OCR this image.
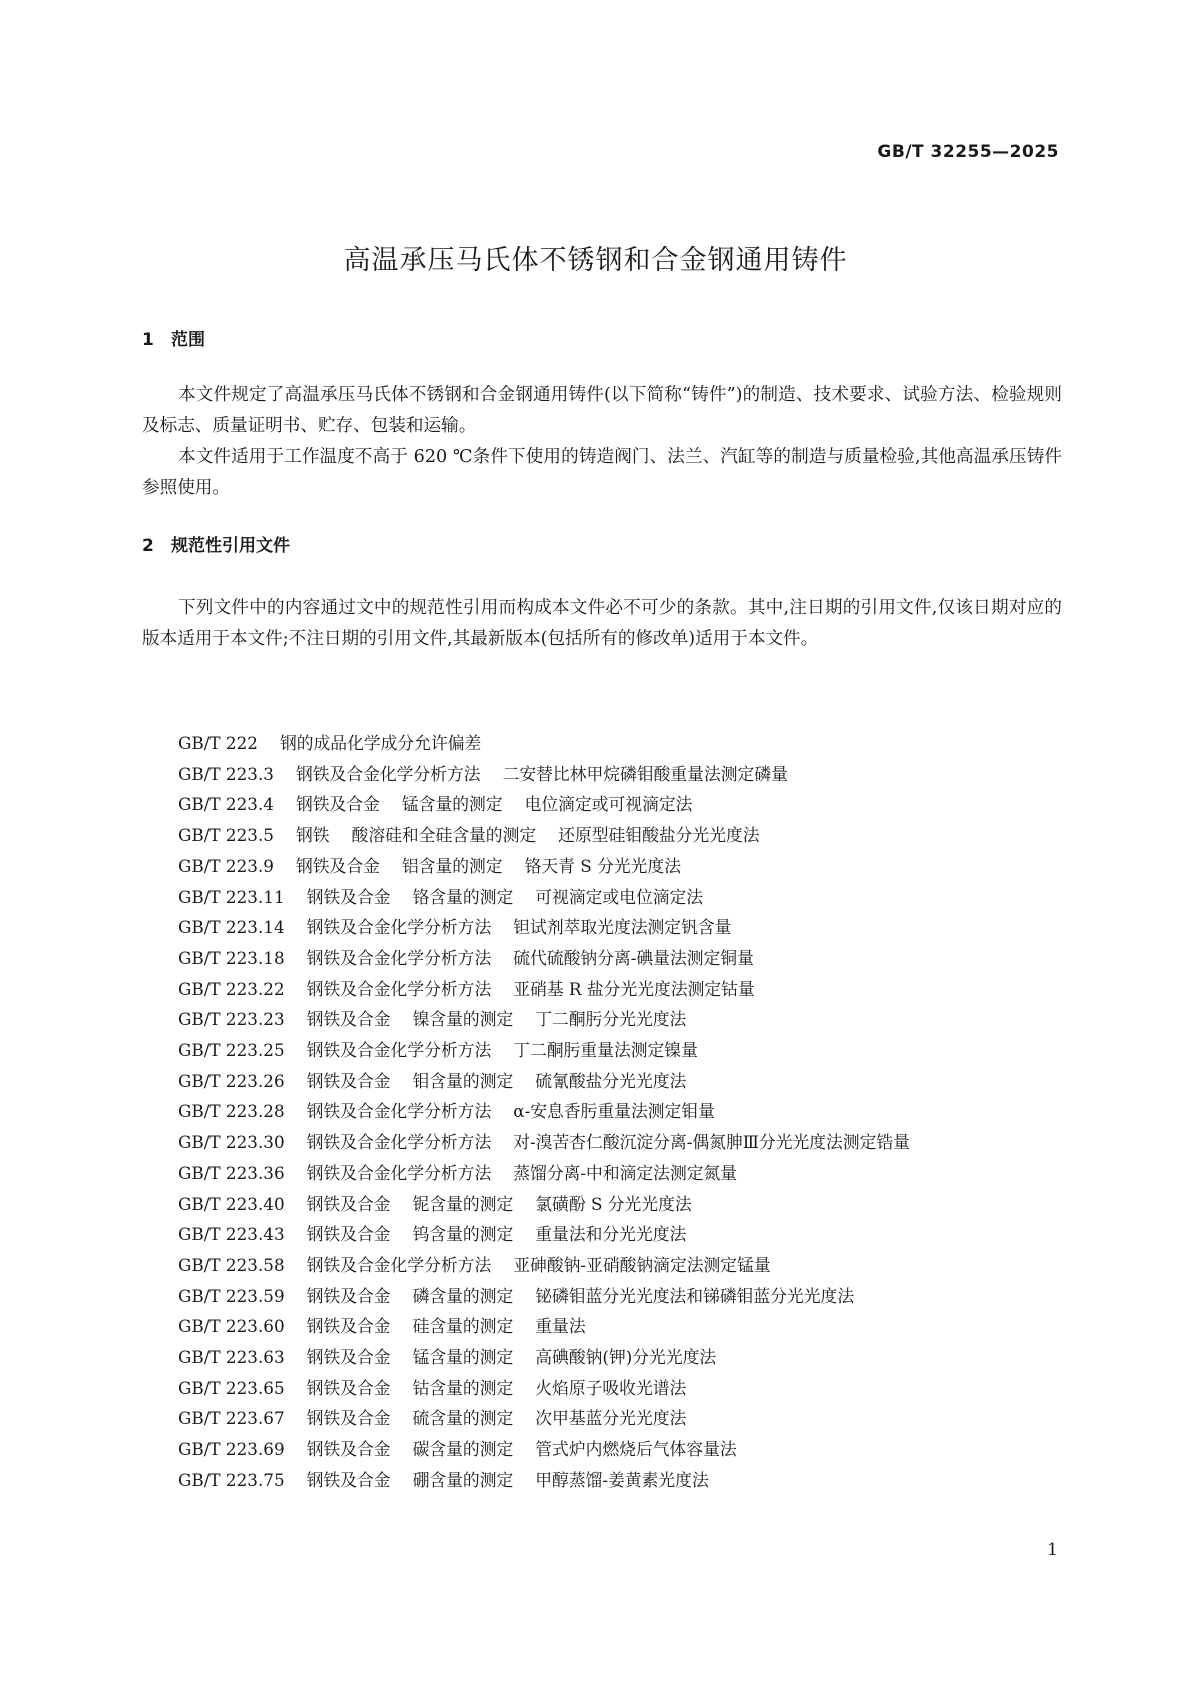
GB/T 32255—2025
高温承压马氏体不锈钢和合金钢通用铸件
1 范围

本文件规定了高温承压马氏体不锈钢和合金钢通用铸件(以下简称“铸件”)的制造、技术要求、试验方法、检验规则及标志、质量证明书、贮存、包装和运输。

本文件适用于工作温度不高于 620 ℃条件下使用的铸造阀门、法兰、汽缸等的制造与质量检验,其他高温承压铸件参照使用。

2 规范性引用文件

下列文件中的内容通过文中的规范性引用而构成本文件必不可少的条款。其中,注日期的引用文件,仅该日期对应的版本适用于本文件;不注日期的引用文件,其最新版本(包括所有的修改单)适用于本文件。

GB/T 222 钢的成品化学成分允许偏差
GB/T 223.3 钢铁及合金化学分析方法 二安替比林甲烷磷钼酸重量法测定磷量
GB/T 223.4 钢铁及合金 锰含量的测定 电位滴定或可视滴定法
GB/T 223.5 钢铁 酸溶硅和全硅含量的测定 还原型硅钼酸盐分光光度法
GB/T 223.9 钢铁及合金 铝含量的测定 铬天青 S 分光光度法
GB/T 223.11 钢铁及合金 铬含量的测定 可视滴定或电位滴定法
GB/T 223.14 钢铁及合金化学分析方法 钽试剂萃取光度法测定钒含量
GB/T 223.18 钢铁及合金化学分析方法 硫代硫酸钠分离-碘量法测定铜量
GB/T 223.22 钢铁及合金化学分析方法 亚硝基 R 盐分光光度法测定钴量
GB/T 223.23 钢铁及合金 镍含量的测定 丁二酮肟分光光度法
GB/T 223.25 钢铁及合金化学分析方法 丁二酮肟重量法测定镍量
GB/T 223.26 钢铁及合金 钼含量的测定 硫氰酸盐分光光度法
GB/T 223.28 钢铁及合金化学分析方法 α-安息香肟重量法测定钼量
GB/T 223.30 钢铁及合金化学分析方法 对-溴苦杏仁酸沉淀分离-偶氮胂Ⅲ分光光度法测定锆量
GB/T 223.36 钢铁及合金化学分析方法 蒸馏分离-中和滴定法测定氮量
GB/T 223.40 钢铁及合金 铌含量的测定 氯磺酚 S 分光光度法
GB/T 223.43 钢铁及合金 钨含量的测定 重量法和分光光度法
GB/T 223.58 钢铁及合金化学分析方法 亚砷酸钠-亚硝酸钠滴定法测定锰量
GB/T 223.59 钢铁及合金 磷含量的测定 铋磷钼蓝分光光度法和锑磷钼蓝分光光度法
GB/T 223.60 钢铁及合金 硅含量的测定 重量法
GB/T 223.63 钢铁及合金 锰含量的测定 高碘酸钠(钾)分光光度法
GB/T 223.65 钢铁及合金 钴含量的测定 火焰原子吸收光谱法
GB/T 223.67 钢铁及合金 硫含量的测定 次甲基蓝分光光度法
GB/T 223.69 钢铁及合金 碳含量的测定 管式炉内燃烧后气体容量法
GB/T 223.75 钢铁及合金 硼含量的测定 甲醇蒸馏-姜黄素光度法
1
